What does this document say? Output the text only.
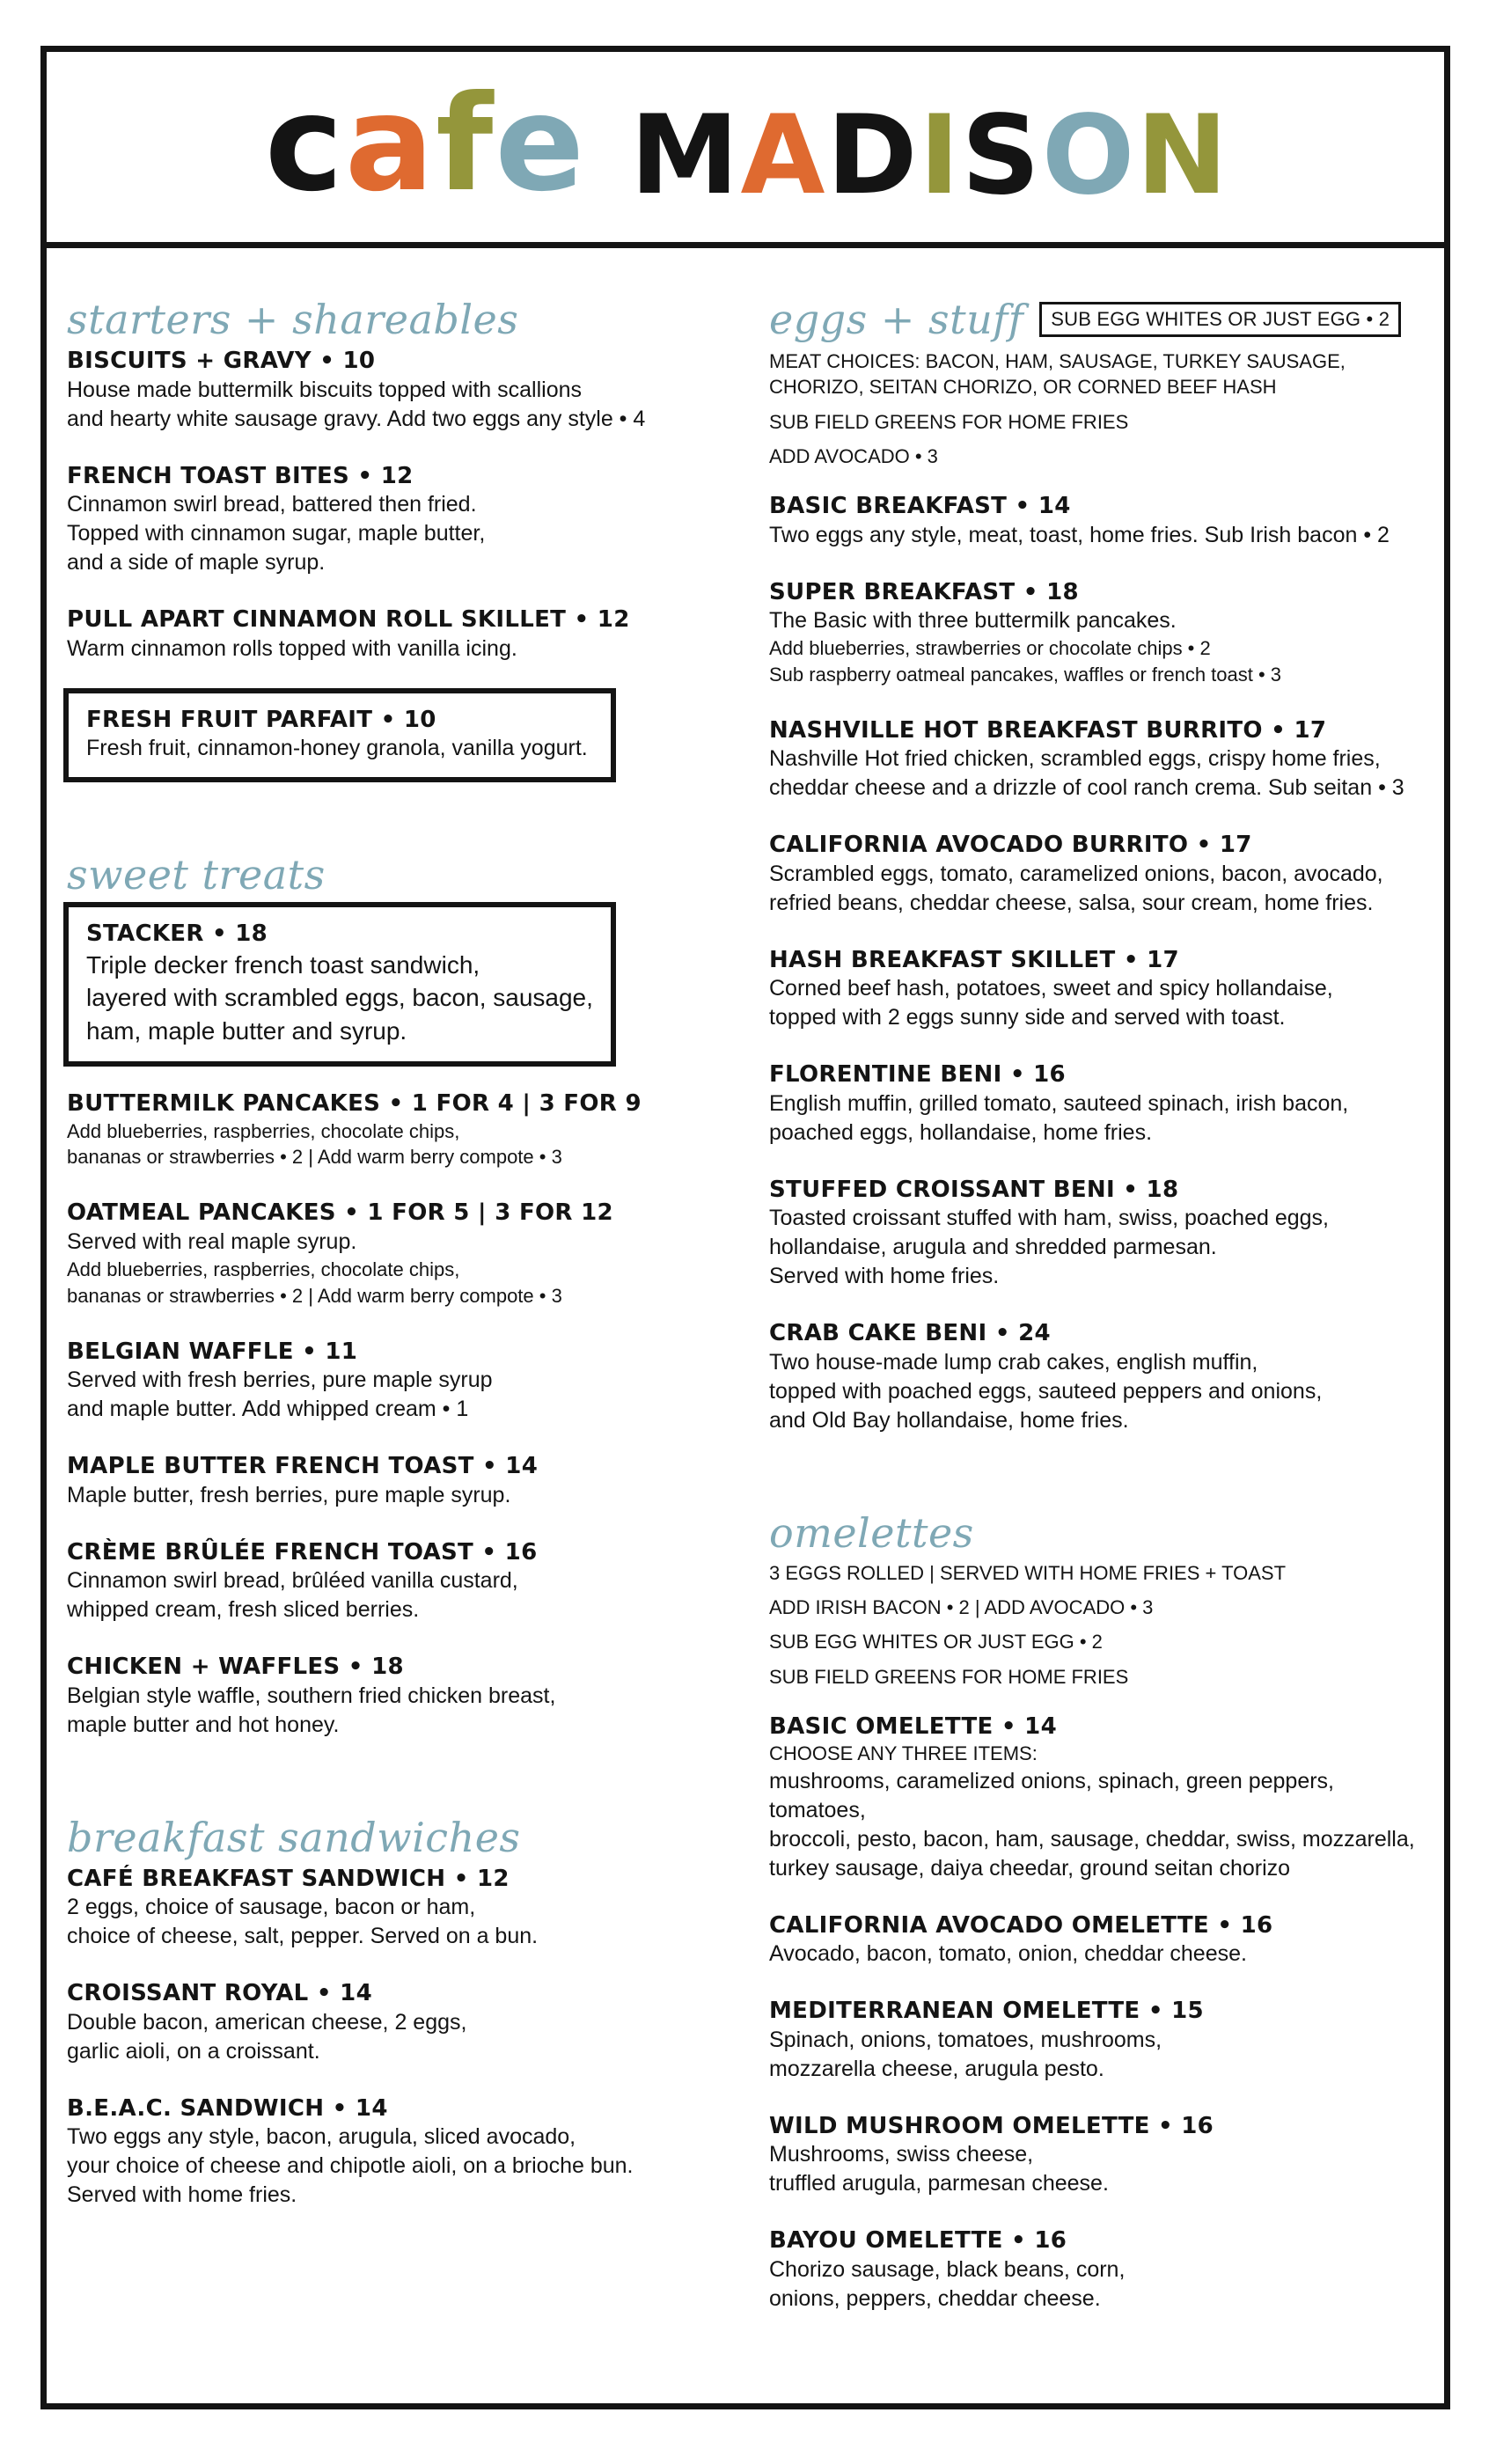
c a f e M A D I S O N
starters + shareables
BISCUITS + GRAVY • 10
House made buttermilk biscuits topped with scallions
and hearty white sausage gravy. Add two eggs any style • 4
FRENCH TOAST BITES • 12
Cinnamon swirl bread, battered then fried.
Topped with cinnamon sugar, maple butter,
and a side of maple syrup.
PULL APART CINNAMON ROLL SKILLET • 12
Warm cinnamon rolls topped with vanilla icing.
FRESH FRUIT PARFAIT • 10
Fresh fruit, cinnamon-honey granola, vanilla yogurt.
sweet treats
STACKER • 18
Triple decker french toast sandwich,
layered with scrambled eggs, bacon, sausage,
ham, maple butter and syrup.
BUTTERMILK PANCAKES • 1 FOR 4 | 3 FOR 9
Add blueberries, raspberries, chocolate chips,
bananas or strawberries • 2 | Add warm berry compote • 3
OATMEAL PANCAKES • 1 FOR 5 | 3 FOR 12
Served with real maple syrup.
Add blueberries, raspberries, chocolate chips,
bananas or strawberries • 2 | Add warm berry compote • 3
BELGIAN WAFFLE • 11
Served with fresh berries, pure maple syrup
and maple butter. Add whipped cream • 1
MAPLE BUTTER FRENCH TOAST • 14
Maple butter, fresh berries, pure maple syrup.
CRÈME BRÛLÉE FRENCH TOAST • 16
Cinnamon swirl bread, brûléed vanilla custard,
whipped cream, fresh sliced berries.
CHICKEN + WAFFLES • 18
Belgian style waffle, southern fried chicken breast,
maple butter and hot honey.
breakfast sandwiches
CAFÉ BREAKFAST SANDWICH • 12
2 eggs, choice of sausage, bacon or ham,
choice of cheese, salt, pepper. Served on a bun.
CROISSANT ROYAL • 14
Double bacon, american cheese, 2 eggs,
garlic aioli, on a croissant.
B.E.A.C. SANDWICH • 14
Two eggs any style, bacon, arugula, sliced avocado,
your choice of cheese and chipotle aioli, on a brioche bun.
Served with home fries.
eggs + stuff	SUB EGG WHITES OR JUST EGG • 2
MEAT CHOICES: BACON, HAM, SAUSAGE, TURKEY SAUSAGE,
CHORIZO, SEITAN CHORIZO, OR CORNED BEEF HASH
SUB FIELD GREENS FOR HOME FRIES
ADD AVOCADO • 3
BASIC BREAKFAST • 14
Two eggs any style, meat, toast, home fries. Sub Irish bacon • 2
SUPER BREAKFAST • 18
The Basic with three buttermilk pancakes.
Add blueberries, strawberries or chocolate chips • 2
Sub raspberry oatmeal pancakes, waffles or french toast • 3
NASHVILLE HOT BREAKFAST BURRITO • 17
Nashville Hot fried chicken, scrambled eggs, crispy home fries,
cheddar cheese and a drizzle of cool ranch crema. Sub seitan • 3
CALIFORNIA AVOCADO BURRITO • 17
Scrambled eggs, tomato, caramelized onions, bacon, avocado,
refried beans, cheddar cheese, salsa, sour cream, home fries.
HASH BREAKFAST SKILLET • 17
Corned beef hash, potatoes, sweet and spicy hollandaise,
topped with 2 eggs sunny side and served with toast.
FLORENTINE BENI • 16
English muffin, grilled tomato, sauteed spinach, irish bacon,
poached eggs, hollandaise, home fries.
STUFFED CROISSANT BENI • 18
Toasted croissant stuffed with ham, swiss, poached eggs,
hollandaise, arugula and shredded parmesan.
Served with home fries.
CRAB CAKE BENI • 24
Two house-made lump crab cakes, english muffin,
topped with poached eggs, sauteed peppers and onions,
and Old Bay hollandaise, home fries.
omelettes
3 EGGS ROLLED | SERVED WITH HOME FRIES + TOAST
ADD IRISH BACON • 2 | ADD AVOCADO • 3
SUB EGG WHITES OR JUST EGG • 2
SUB FIELD GREENS FOR HOME FRIES
BASIC OMELETTE • 14
CHOOSE ANY THREE ITEMS:
mushrooms, caramelized onions, spinach, green peppers, tomatoes,
broccoli, pesto, bacon, ham, sausage, cheddar, swiss, mozzarella,
turkey sausage, daiya cheedar, ground seitan chorizo
CALIFORNIA AVOCADO OMELETTE • 16
Avocado, bacon, tomato, onion, cheddar cheese.
MEDITERRANEAN OMELETTE • 15
Spinach, onions, tomatoes, mushrooms,
mozzarella cheese, arugula pesto.
WILD MUSHROOM OMELETTE • 16
Mushrooms, swiss cheese,
truffled arugula, parmesan cheese.
BAYOU OMELETTE • 16
Chorizo sausage, black beans, corn,
onions, peppers, cheddar cheese.
